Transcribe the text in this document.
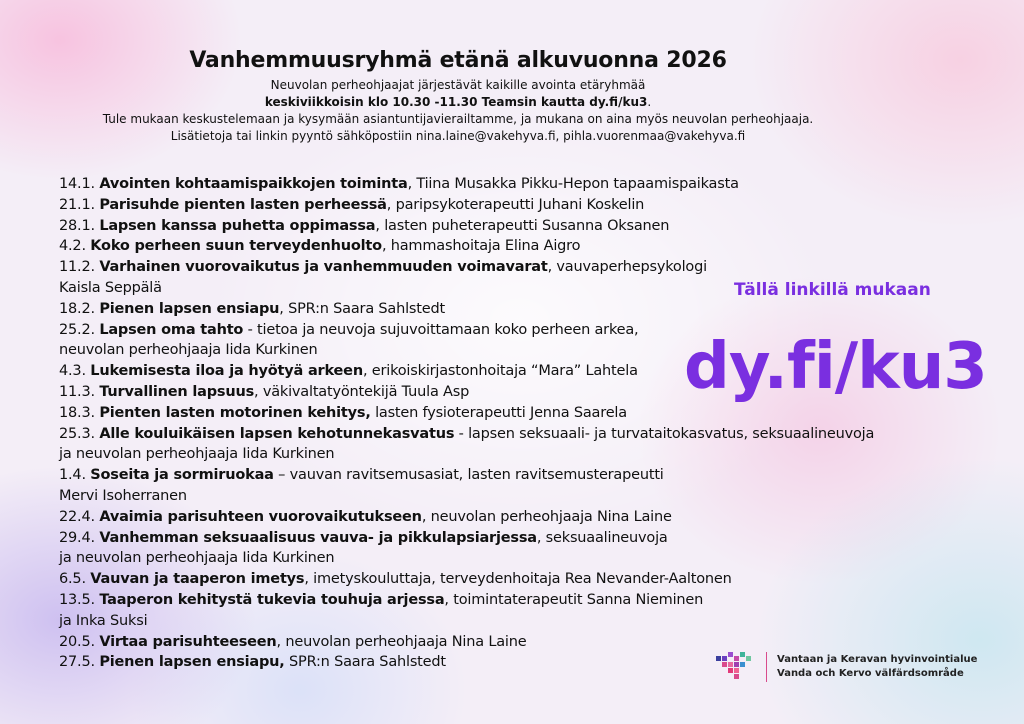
Vanhemmuusryhmä etänä alkuvuonna 2026
Neuvolan perheohjaajat järjestävät kaikille avointa etäryhmää
keskiviikkoisin klo 10.30 -11.30 Teamsin kautta dy.fi/ku3.
Tule mukaan keskustelemaan ja kysymään asiantuntijavierailtamme, ja mukana on aina myös neuvolan perheohjaaja.
Lisätietoja tai linkin pyyntö sähköpostiin nina.laine@vakehyva.fi, pihla.vuorenmaa@vakehyva.fi
14.1. Avointen kohtaamispaikkojen toiminta, Tiina Musakka Pikku-Hepon tapaamispaikasta
21.1. Parisuhde pienten lasten perheessä, paripsykoterapeutti Juhani Koskelin
28.1. Lapsen kanssa puhetta oppimassa, lasten puheterapeutti Susanna Oksanen
4.2. Koko perheen suun terveydenhuolto, hammashoitaja Elina Aigro
11.2. Varhainen vuorovaikutus ja vanhemmuuden voimavarat, vauvaperhepsykologi
Kaisla Seppälä
18.2. Pienen lapsen ensiapu, SPR:n Saara Sahlstedt
25.2. Lapsen oma tahto - tietoa ja neuvoja sujuvoittamaan koko perheen arkea,
neuvolan perheohjaaja Iida Kurkinen
4.3. Lukemisesta iloa ja hyötyä arkeen, erikoiskirjastonhoitaja “Mara” Lahtela
11.3. Turvallinen lapsuus, väkivaltatyöntekijä Tuula Asp
18.3. Pienten lasten motorinen kehitys, lasten fysioterapeutti Jenna Saarela
25.3. Alle kouluikäisen lapsen kehotunnekasvatus - lapsen seksuaali- ja turvataitokasvatus, seksuaalineuvoja
ja neuvolan perheohjaaja Iida Kurkinen
1.4. Soseita ja sormiruokaa – vauvan ravitsemusasiat, lasten ravitsemusterapeutti
Mervi Isoherranen
22.4. Avaimia parisuhteen vuorovaikutukseen, neuvolan perheohjaaja Nina Laine
29.4. Vanhemman seksuaalisuus vauva- ja pikkulapsiarjessa, seksuaalineuvoja
ja neuvolan perheohjaaja Iida Kurkinen
6.5. Vauvan ja taaperon imetys, imetyskouluttaja, terveydenhoitaja Rea Nevander-Aaltonen
13.5. Taaperon kehitystä tukevia touhuja arjessa, toimintaterapeutit Sanna Nieminen
ja Inka Suksi
20.5. Virtaa parisuhteeseen, neuvolan perheohjaaja Nina Laine
27.5. Pienen lapsen ensiapu, SPR:n Saara Sahlstedt
Tällä linkillä mukaan
dy.fi/ku3
Vantaan ja Keravan hyvinvointialue
Vanda och Kervo välfärdsområde
